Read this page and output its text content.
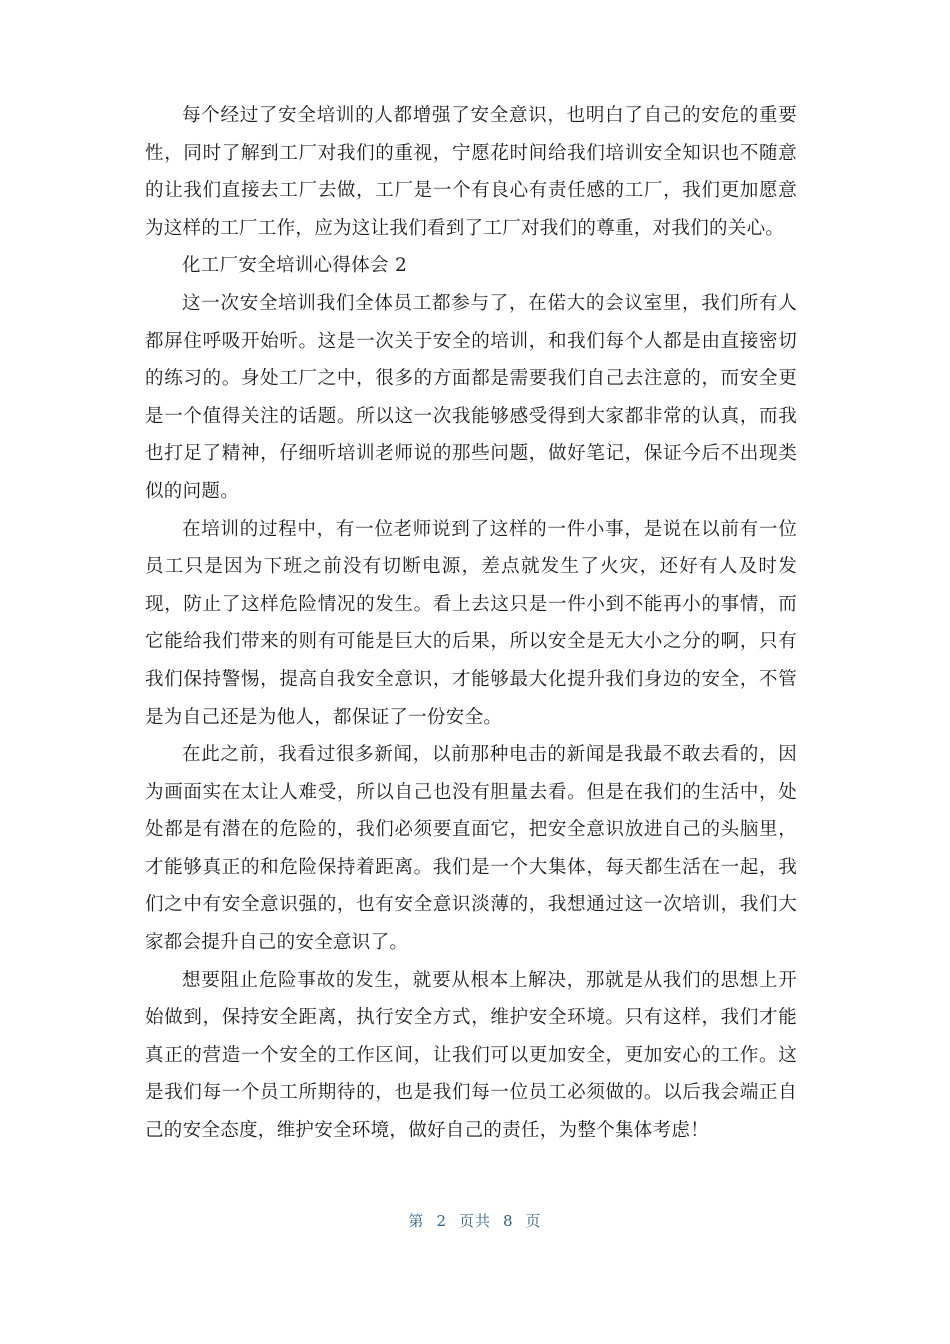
每个经过了安全培训的人都增强了安全意识，也明白了自己的安危的重要性，同时了解到工厂对我们的重视，宁愿花时间给我们培训安全知识也不随意的让我们直接去工厂去做，工厂是一个有良心有责任感的工厂，我们更加愿意为这样的工厂工作，应为这让我们看到了工厂对我们的尊重，对我们的关心。

化工厂安全培训心得体会 2

这一次安全培训我们全体员工都参与了，在偌大的会议室里，我们所有人都屏住呼吸开始听。这是一次关于安全的培训，和我们每个人都是由直接密切的练习的。身处工厂之中，很多的方面都是需要我们自己去注意的，而安全更是一个值得关注的话题。所以这一次我能够感受得到大家都非常的认真，而我也打足了精神，仔细听培训老师说的那些问题，做好笔记，保证今后不出现类似的问题。

在培训的过程中，有一位老师说到了这样的一件小事，是说在以前有一位员工只是因为下班之前没有切断电源，差点就发生了火灾，还好有人及时发现，防止了这样危险情况的发生。看上去这只是一件小到不能再小的事情，而它能给我们带来的则有可能是巨大的后果，所以安全是无大小之分的啊，只有我们保持警惕，提高自我安全意识，才能够最大化提升我们身边的安全，不管是为自己还是为他人，都保证了一份安全。

在此之前，我看过很多新闻，以前那种电击的新闻是我最不敢去看的，因为画面实在太让人难受，所以自己也没有胆量去看。但是在我们的生活中，处处都是有潜在的危险的，我们必须要直面它，把安全意识放进自己的头脑里，才能够真正的和危险保持着距离。我们是一个大集体，每天都生活在一起，我们之中有安全意识强的，也有安全意识淡薄的，我想通过这一次培训，我们大家都会提升自己的安全意识了。

想要阻止危险事故的发生，就要从根本上解决，那就是从我们的思想上开始做到，保持安全距离，执行安全方式，维护安全环境。只有这样，我们才能真正的营造一个安全的工作区间，让我们可以更加安全，更加安心的工作。这是我们每一个员工所期待的，也是我们每一位员工必须做的。以后我会端正自己的安全态度，维护安全环境，做好自己的责任，为整个集体考虑！

第 2 页共 8 页
